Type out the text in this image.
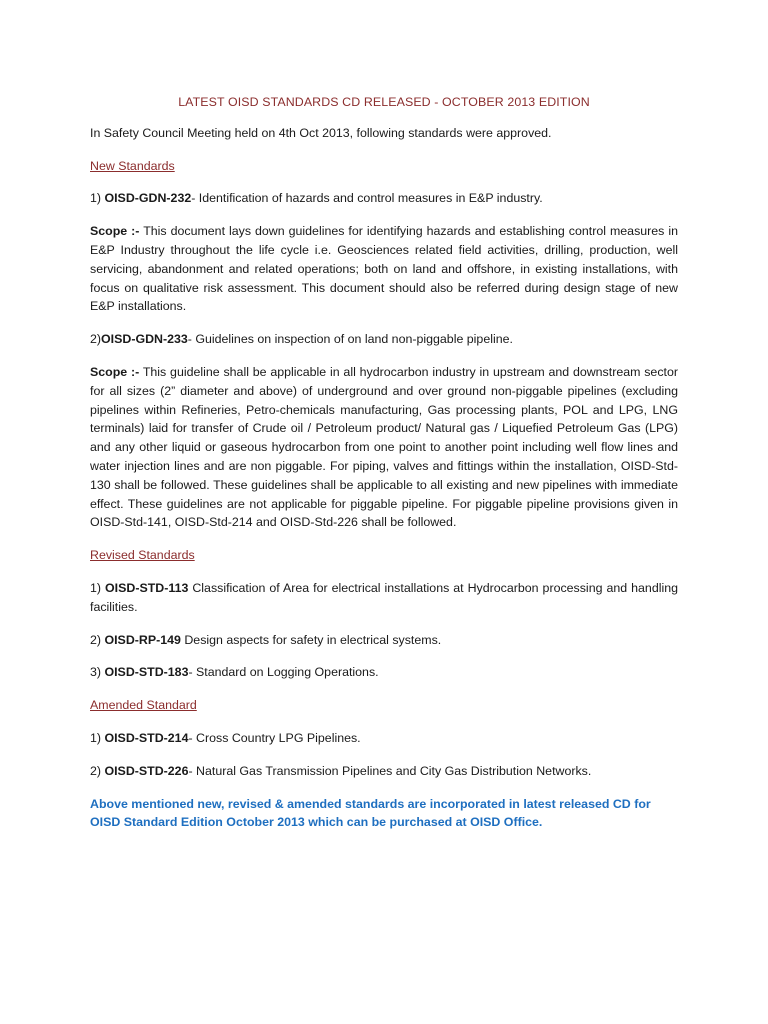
LATEST OISD STANDARDS CD RELEASED - OCTOBER 2013 EDITION

In Safety Council Meeting held on 4th Oct 2013, following standards were approved.

New Standards

1) OISD-GDN-232- Identification of hazards and control measures in E&P industry.

Scope :- This document lays down guidelines for identifying hazards and establishing control measures in E&P Industry throughout the life cycle i.e. Geosciences related field activities, drilling, production, well servicing, abandonment and related operations; both on land and offshore, in existing installations, with focus on qualitative risk assessment. This document should also be referred during design stage of new E&P installations.

2)OISD-GDN-233- Guidelines on inspection of on land non-piggable pipeline.

Scope :- This guideline shall be applicable in all hydrocarbon industry in upstream and downstream sector for all sizes (2” diameter and above) of underground and over ground non-piggable pipelines (excluding pipelines within Refineries, Petro-chemicals manufacturing, Gas processing plants, POL and LPG, LNG terminals) laid for transfer of Crude oil / Petroleum product/ Natural gas / Liquefied Petroleum Gas (LPG) and any other liquid or gaseous hydrocarbon from one point to another point including well flow lines and water injection lines and are non piggable. For piping, valves and fittings within the installation, OISD-Std-130 shall be followed. These guidelines shall be applicable to all existing and new pipelines with immediate effect. These guidelines are not applicable for piggable pipeline. For piggable pipeline provisions given in OISD-Std-141, OISD-Std-214 and OISD-Std-226 shall be followed.

Revised Standards

1) OISD-STD-113 Classification of Area for electrical installations at Hydrocarbon processing and handling facilities.

2) OISD-RP-149 Design aspects for safety in electrical systems.

3) OISD-STD-183- Standard on Logging Operations.

Amended Standard

1) OISD-STD-214- Cross Country LPG Pipelines.

2) OISD-STD-226- Natural Gas Transmission Pipelines and City Gas Distribution Networks.

Above mentioned new, revised & amended standards are incorporated in latest released CD for OISD Standard Edition October 2013 which can be purchased at OISD Office.
